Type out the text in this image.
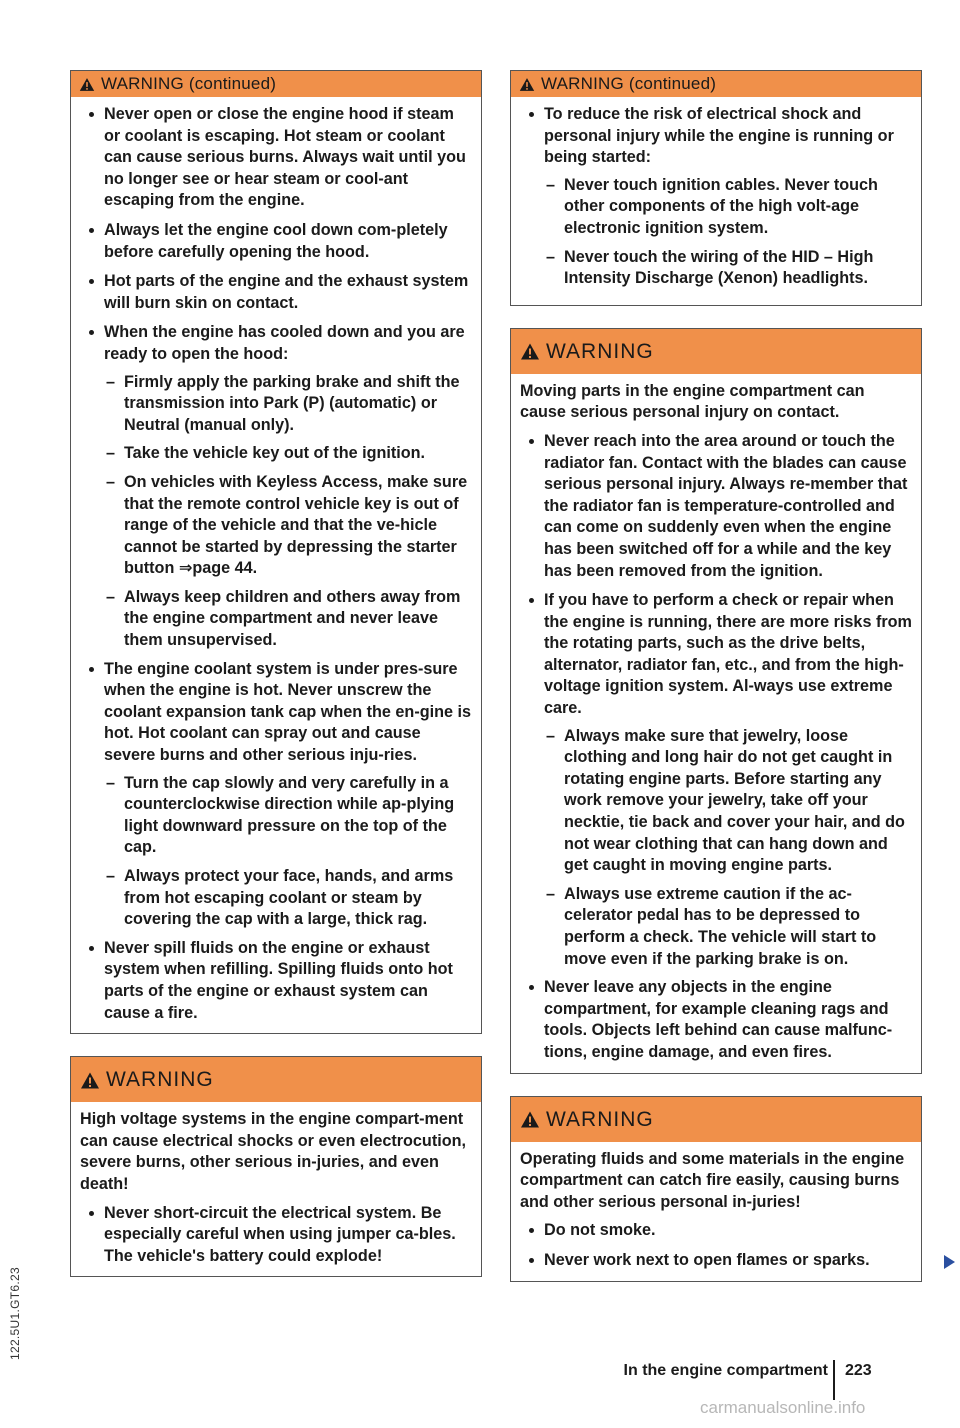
WARNING (continued)

Never open or close the engine hood if steam or coolant is escaping. Hot steam or coolant can cause serious burns. Always wait until you no longer see or hear steam or cool-ant escaping from the engine.

Always let the engine cool down com-pletely before carefully opening the hood.

Hot parts of the engine and the exhaust system will burn skin on contact.

When the engine has cooled down and you are ready to open the hood:

– Firmly apply the parking brake and shift the transmission into Park (P) (automatic) or Neutral (manual only).

– Take the vehicle key out of the ignition.

– On vehicles with Keyless Access, make sure that the remote control vehicle key is out of range of the vehicle and that the ve-hicle cannot be started by depressing the starter button ⇒page 44.

– Always keep children and others away from the engine compartment and never leave them unsupervised.

The engine coolant system is under pres-sure when the engine is hot. Never unscrew the coolant expansion tank cap when the en-gine is hot. Hot coolant can spray out and cause severe burns and other serious inju-ries.

– Turn the cap slowly and very carefully in a counterclockwise direction while ap-plying light downward pressure on the top of the cap.

– Always protect your face, hands, and arms from hot escaping coolant or steam by covering the cap with a large, thick rag.

Never spill fluids on the engine or exhaust system when refilling. Spilling fluids onto hot parts of the engine or exhaust system can cause a fire.

WARNING

High voltage systems in the engine compart-ment can cause electrical shocks or even electrocution, severe burns, other serious in-juries, and even death!

Never short-circuit the electrical system. Be especially careful when using jumper ca-bles. The vehicle's battery could explode!

WARNING (continued)

To reduce the risk of electrical shock and personal injury while the engine is running or being started:

– Never touch ignition cables. Never touch other components of the high volt-age electronic ignition system.

– Never touch the wiring of the HID – High Intensity Discharge (Xenon) headlights.

WARNING

Moving parts in the engine compartment can cause serious personal injury on contact.

Never reach into the area around or touch the radiator fan. Contact with the blades can cause serious personal injury. Always re-member that the radiator fan is temperature-controlled and can come on suddenly even when the engine has been switched off for a while and the key has been removed from the ignition.

If you have to perform a check or repair when the engine is running, there are more risks from the rotating parts, such as the drive belts, alternator, radiator fan, etc., and from the high-voltage ignition system. Al-ways use extreme care.

– Always make sure that jewelry, loose clothing and long hair do not get caught in rotating engine parts. Before starting any work remove your jewelry, take off your necktie, tie back and cover your hair, and do not wear clothing that can hang down and get caught in moving engine parts.

– Always use extreme caution if the ac-celerator pedal has to be depressed to perform a check. The vehicle will start to move even if the parking brake is on.

Never leave any objects in the engine compartment, for example cleaning rags and tools. Objects left behind can cause malfunc-tions, engine damage, and even fires.

WARNING

Operating fluids and some materials in the engine compartment can catch fire easily, causing burns and other serious personal in-juries!

Do not smoke.

Never work next to open flames or sparks.

122.5U1.GT6.23
In the engine compartment 223
carmanualsonline.info
